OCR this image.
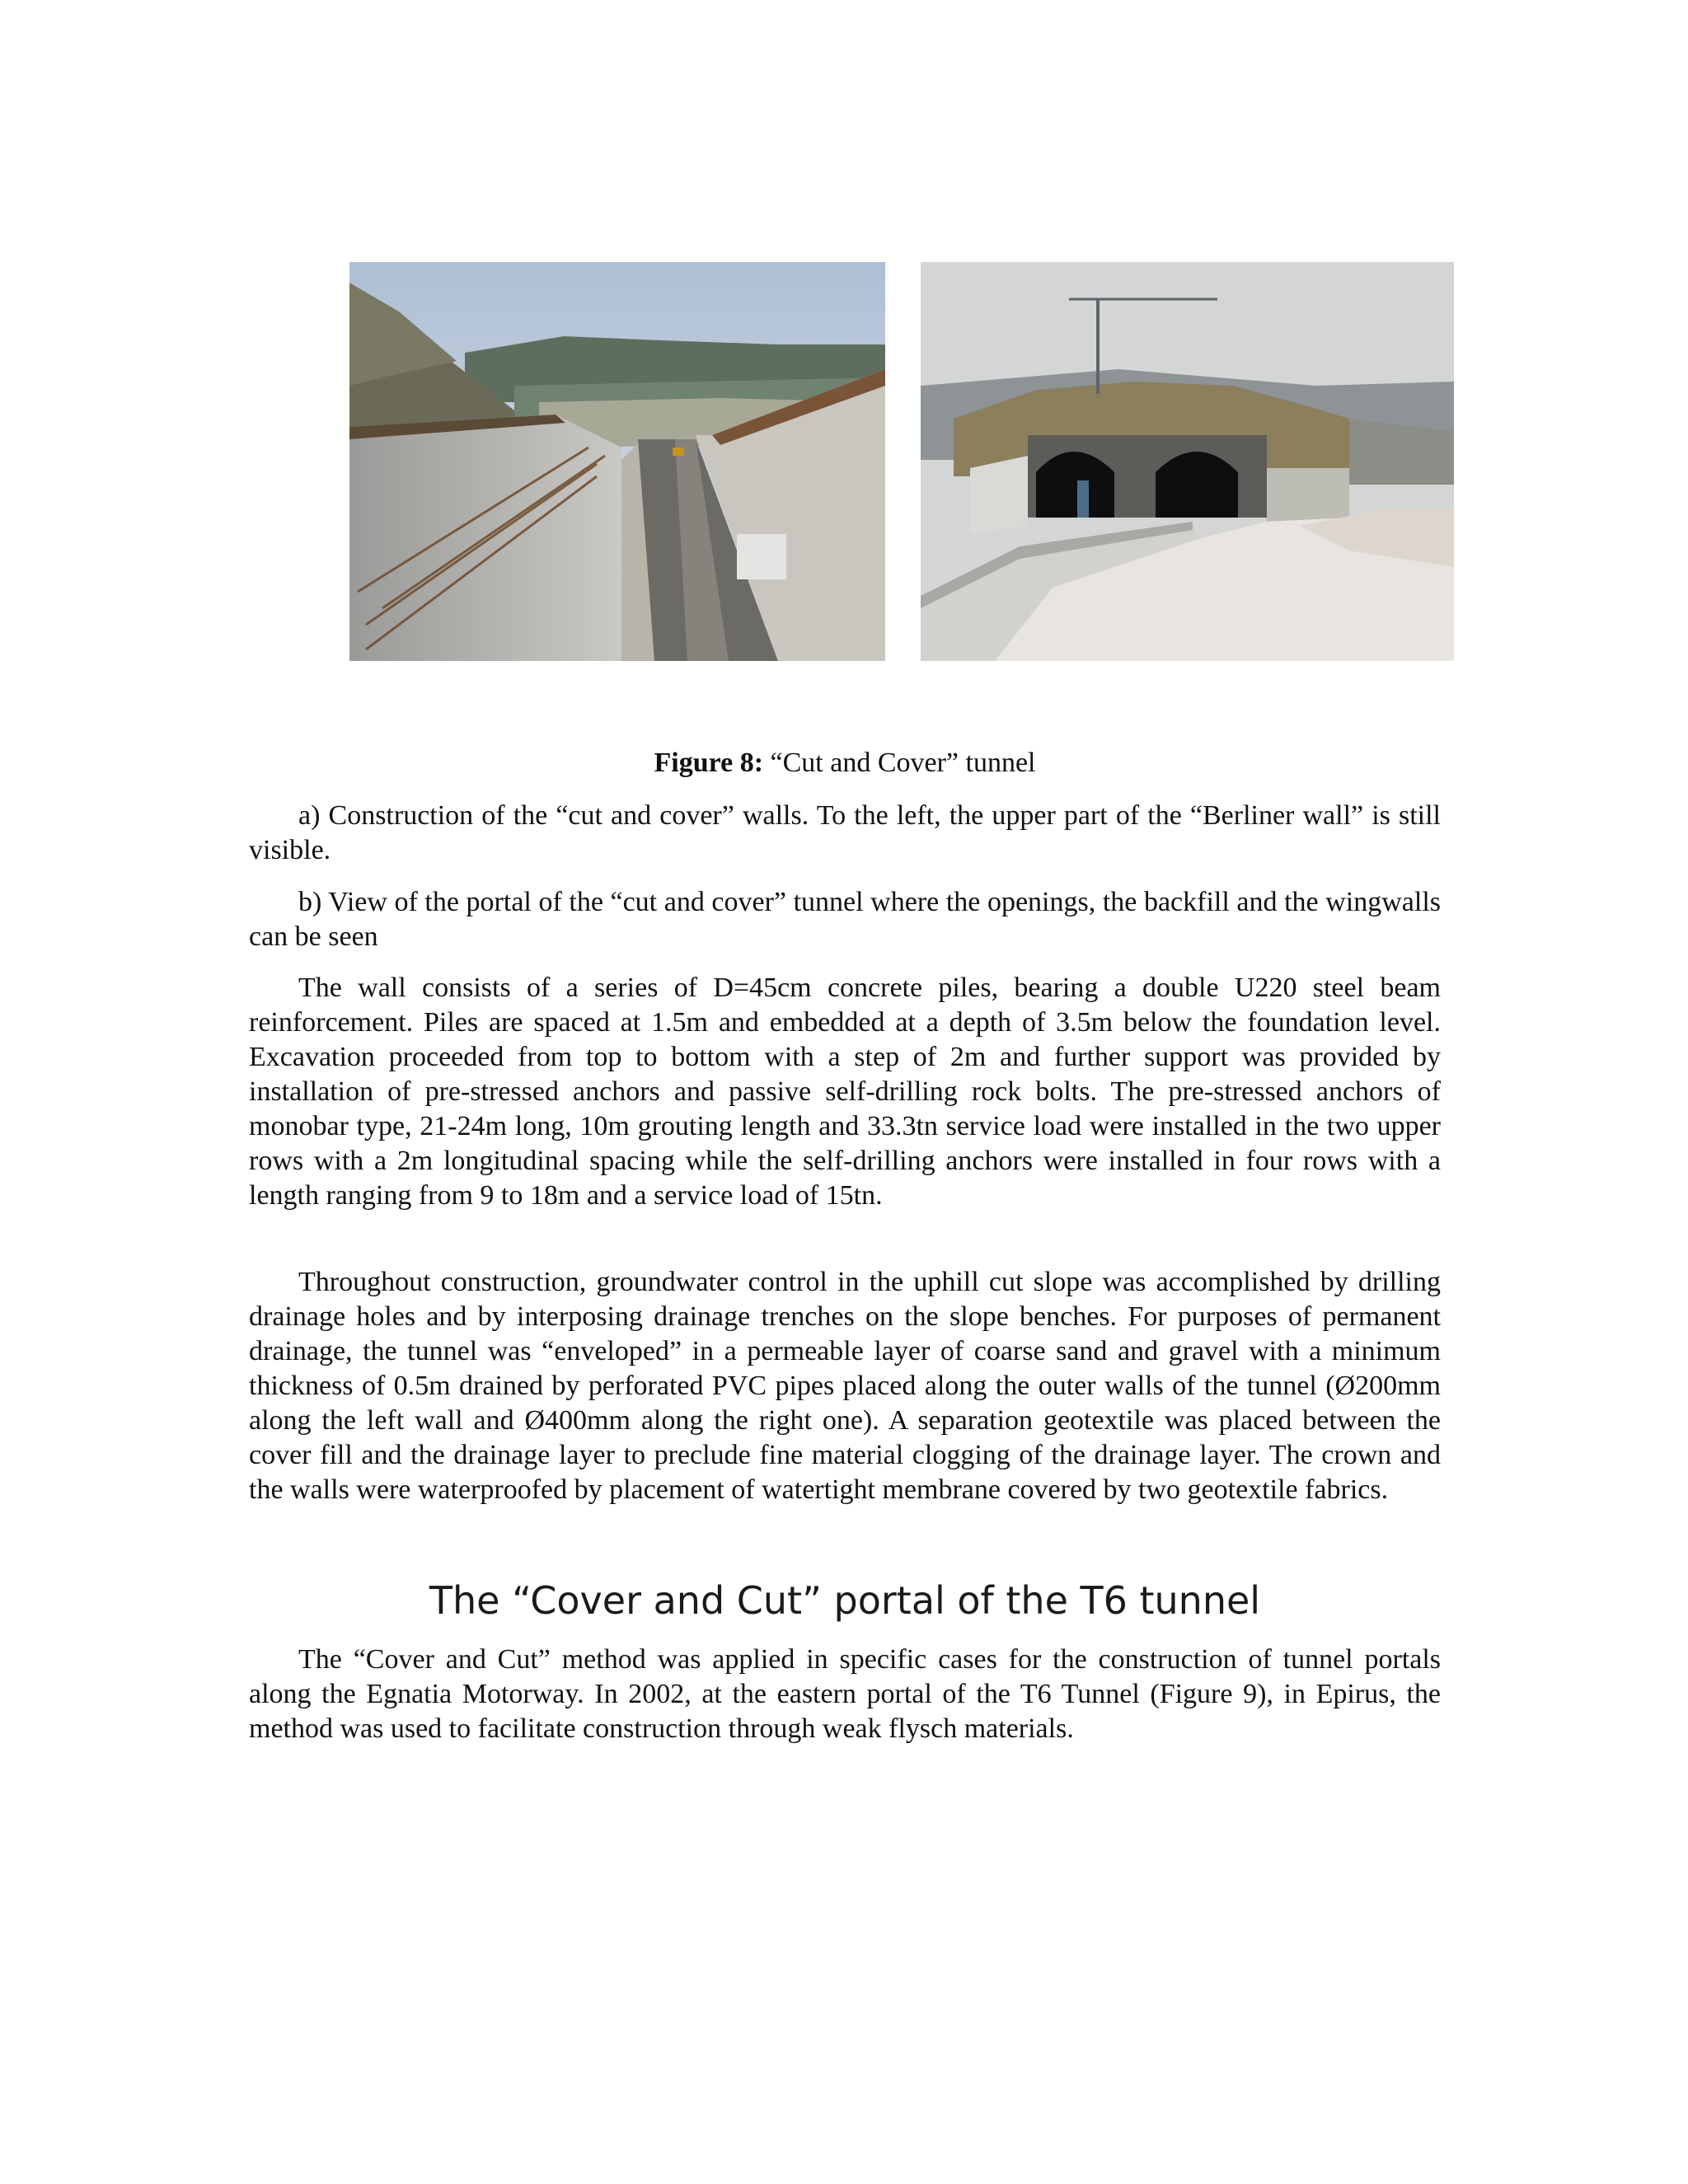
Figure 8: “Cut and Cover” tunnel

a) Construction of the “cut and cover” walls. To the left, the upper part of the “Berliner wall” is still visible.

b) View of the portal of the “cut and cover” tunnel where the openings, the backfill and the wingwalls can be seen

The wall consists of a series of D=45cm concrete piles, bearing a double U220 steel beam reinforcement. Piles are spaced at 1.5m and embedded at a depth of 3.5m below the foundation level. Excavation proceeded from top to bottom with a step of 2m and further support was provided by installation of pre-stressed anchors and passive self-drilling rock bolts. The pre-stressed anchors of monobar type, 21-24m long, 10m grouting length and 33.3tn service load were installed in the two upper rows with a 2m longitudinal spacing while the self-drilling anchors were installed in four rows with a length ranging from 9 to 18m and a service load of 15tn.

Throughout construction, groundwater control in the uphill cut slope was accomplished by drilling drainage holes and by interposing drainage trenches on the slope benches. For purposes of permanent drainage, the tunnel was “enveloped” in a permeable layer of coarse sand and gravel with a minimum thickness of 0.5m drained by perforated PVC pipes placed along the outer walls of the tunnel (Ø200mm along the left wall and Ø400mm along the right one). A separation geotextile was placed between the cover fill and the drainage layer to preclude fine material clogging of the drainage layer. The crown and the walls were waterproofed by placement of watertight membrane covered by two geotextile fabrics.

The “Cover and Cut” portal of the T6 tunnel

The “Cover and Cut” method was applied in specific cases for the construction of tunnel portals along the Egnatia Motorway. In 2002, at the eastern portal of the T6 Tunnel (Figure 9), in Epirus, the method was used to facilitate construction through weak flysch materials.
